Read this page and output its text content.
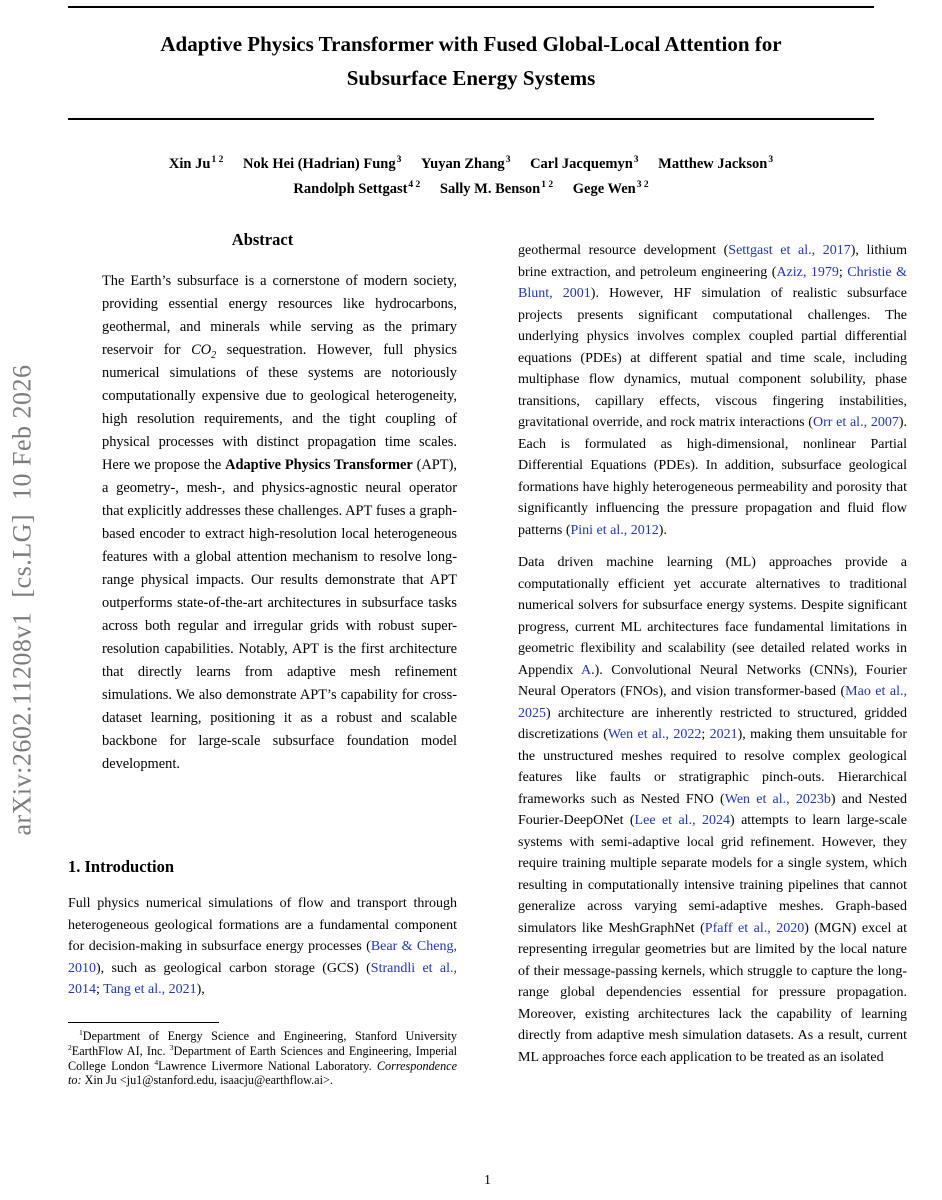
arXiv:2602.11208v1  [cs.LG]  10 Feb 2026
Adaptive Physics Transformer with Fused Global-Local Attention for
Subsurface Energy Systems
Xin $Ju^{1 2}$ Nok Hei (Hadrian) Fung$^3$ Yuyan Zhang$^3$ Carl Jacquemyn$^3$ Matthew Jackson$^3$
Randolph Settgast$^{4 2}$ Sally M. Benson$^{1 2}$ Gege Wen$^{3 2}$
Abstract
The Earth’s subsurface is a cornerstone of modern society, providing essential energy resources like hydrocarbons, geothermal, and minerals while serving as the primary reservoir for $CO_2$ sequestration. However, full physics numerical simulations of these systems are notoriously computationally expensive due to geological heterogeneity, high resolution requirements, and the tight coupling of physical processes with distinct propagation time scales. Here we propose the Adaptive Physics Transformer (APT), a geometry-, mesh-, and physics-agnostic neural operator that explicitly addresses these challenges. APT fuses a graph-based encoder to extract high-resolution local heterogeneous features with a global attention mechanism to resolve long-range physical impacts. Our results demonstrate that APT outperforms state-of-the-art architectures in subsurface tasks across both regular and irregular grids with robust super-resolution capabilities. Notably, APT is the first architecture that directly learns from adaptive mesh refinement simulations. We also demonstrate APT’s capability for cross-dataset learning, positioning it as a robust and scalable backbone for large-scale subsurface foundation model development.
1. Introduction

Full physics numerical simulations of flow and transport through heterogeneous geological formations are a fundamental component for decision-making in subsurface energy processes (Bear & Cheng, 2010), such as geological carbon storage (GCS) (Strandli et al., 2014; Tang et al., 2021),

$^1$Department of Energy Science and Engineering, Stanford University $^2$EarthFlow AI, Inc. $^3$Department of Earth Sciences and Engineering, Imperial College London $^4$Lawrence Livermore National Laboratory. Correspondence to: Xin Ju <ju1@stanford.edu, isaacju@earthflow.ai>.

geothermal resource development (Settgast et al., 2017), lithium brine extraction, and petroleum engineering (Aziz, 1979; Christie & Blunt, 2001). However, HF simulation of realistic subsurface projects presents significant computational challenges. The underlying physics involves complex coupled partial differential equations (PDEs) at different spatial and time scale, including multiphase flow dynamics, mutual component solubility, phase transitions, capillary effects, viscous fingering instabilities, gravitational override, and rock matrix interactions (Orr et al., 2007). Each is formulated as high-dimensional, nonlinear Partial Differential Equations (PDEs). In addition, subsurface geological formations have highly heterogeneous permeability and porosity that significantly influencing the pressure propagation and fluid flow patterns (Pini et al., 2012).

Data driven machine learning (ML) approaches provide a computationally efficient yet accurate alternatives to traditional numerical solvers for subsurface energy systems. Despite significant progress, current ML architectures face fundamental limitations in geometric flexibility and scalability (see detailed related works in Appendix A.). Convolutional Neural Networks (CNNs), Fourier Neural Operators (FNOs), and vision transformer-based (Mao et al., 2025) architecture are inherently restricted to structured, gridded discretizations (Wen et al., 2022; 2021), making them unsuitable for the unstructured meshes required to resolve complex geological features like faults or stratigraphic pinch-outs. Hierarchical frameworks such as Nested FNO (Wen et al., 2023b) and Nested Fourier-DeepONet (Lee et al., 2024) attempts to learn large-scale systems with semi-adaptive local grid refinement. However, they require training multiple separate models for a single system, which resulting in computationally intensive training pipelines that cannot generalize across varying semi-adaptive meshes. Graph-based simulators like MeshGraphNet (Pfaff et al., 2020) (MGN) excel at representing irregular geometries but are limited by the local nature of their message-passing kernels, which struggle to capture the long-range global dependencies essential for pressure propagation. Moreover, existing architectures lack the capability of learning directly from adaptive mesh simulation datasets. As a result, current ML approaches force each application to be treated as an isolated

1
